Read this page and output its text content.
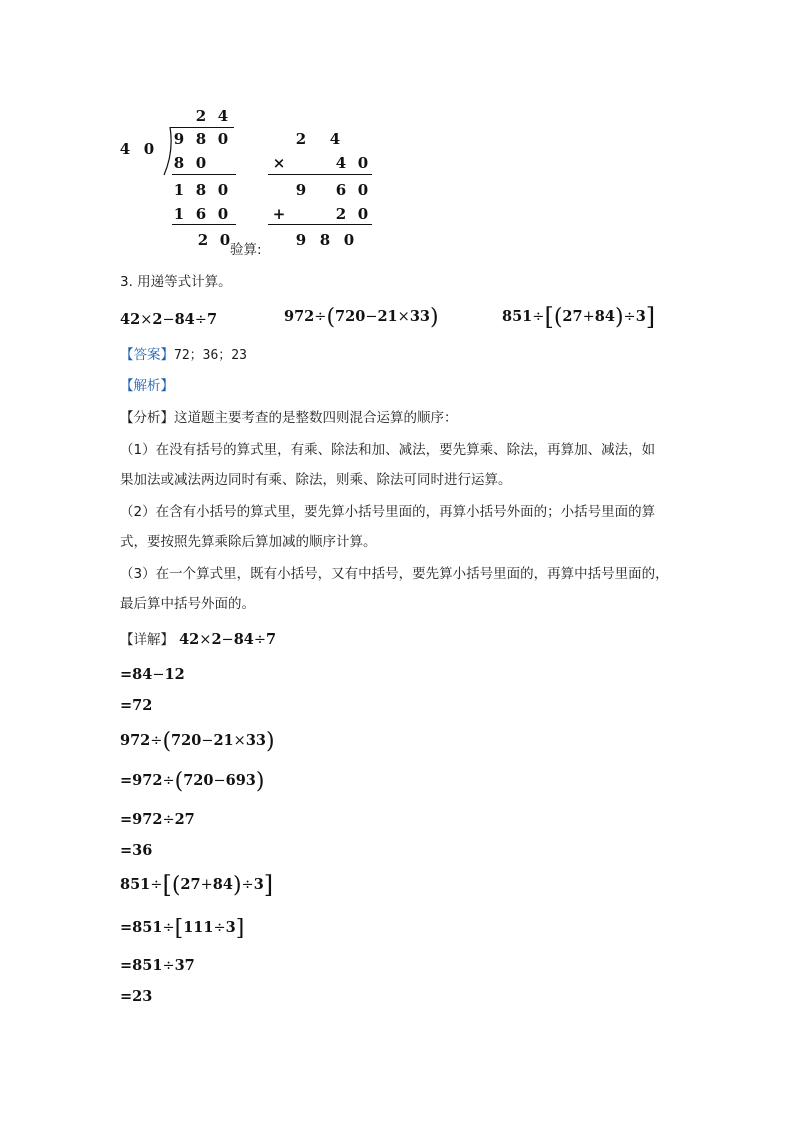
2 4
4 0
9 8 0
8 0
1 8 0
1 6 0
2 0
验算:
2 4
×	4 0
9 6 0
+	2 0
9 8 0
3. 用递等式计算。
42×2−84÷7	972÷(720−21×33)	851÷[(27+84)÷3]
【答案】72；36；23
【解析】
【分析】这道题主要考查的是整数四则混合运算的顺序：
（1）在没有括号的算式里，有乘、除法和加、减法，要先算乘、除法，再算加、减法，如
果加法或减法两边同时有乘、除法，则乘、除法可同时进行运算。
（2）在含有小括号的算式里，要先算小括号里面的，再算小括号外面的；小括号里面的算
式，要按照先算乘除后算加减的顺序计算。
（3）在一个算式里，既有小括号，又有中括号，要先算小括号里面的，再算中括号里面的，
最后算中括号外面的。
【详解】 42×2−84÷7
=84−12
=72
972÷(720−21×33)
=972÷(720−693)
=972÷27
=36
851÷[(27+84)÷3]
=851÷[111÷3]
=851÷37
=23
